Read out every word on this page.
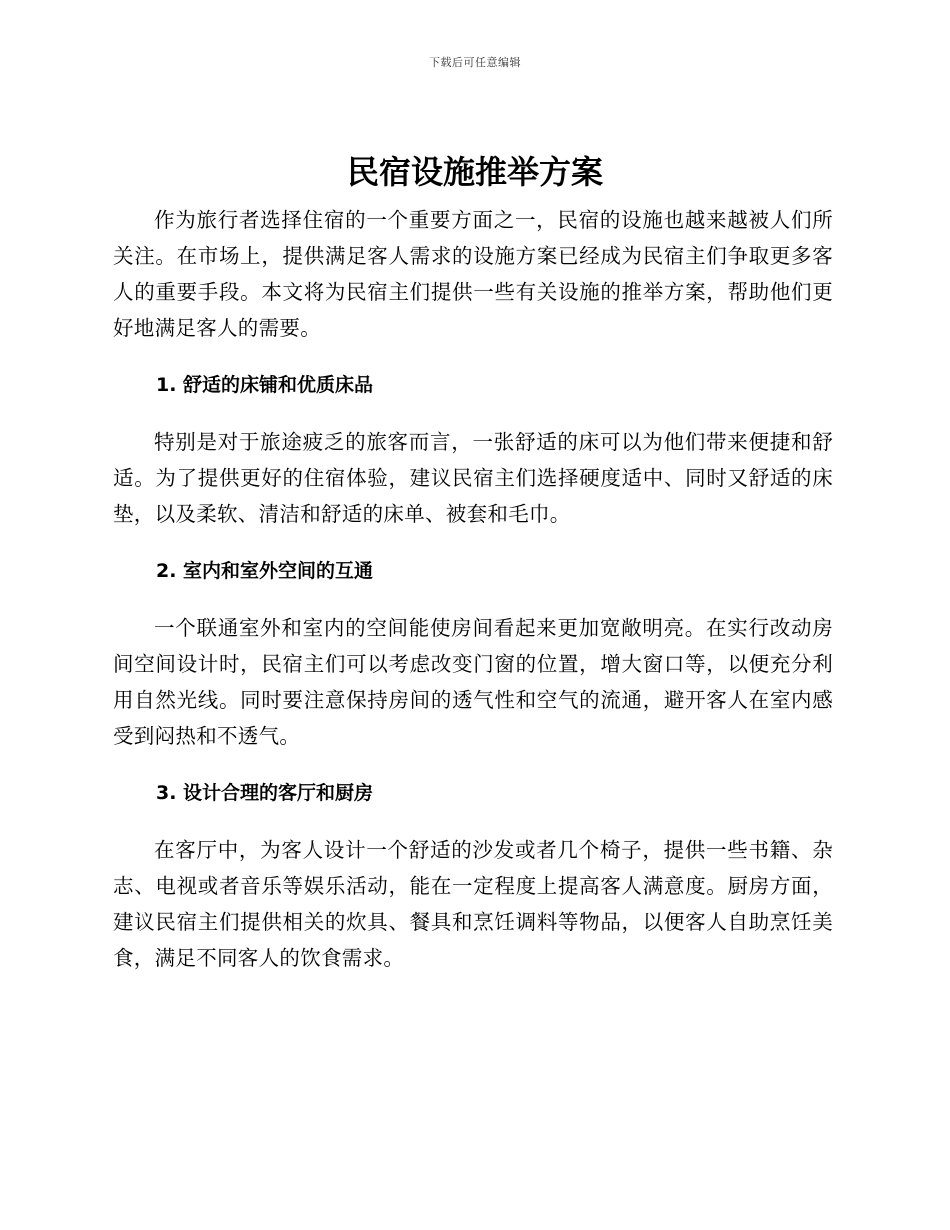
下载后可任意编辑
民宿设施推举方案

作为旅行者选择住宿的一个重要方面之一，民宿的设施也越来越被人们所关注。在市场上，提供满足客人需求的设施方案已经成为民宿主们争取更多客人的重要手段。本文将为民宿主们提供一些有关设施的推举方案，帮助他们更好地满足客人的需要。

1. 舒适的床铺和优质床品

特别是对于旅途疲乏的旅客而言，一张舒适的床可以为他们带来便捷和舒适。为了提供更好的住宿体验，建议民宿主们选择硬度适中、同时又舒适的床垫，以及柔软、清洁和舒适的床单、被套和毛巾。

2. 室内和室外空间的互通

一个联通室外和室内的空间能使房间看起来更加宽敞明亮。在实行改动房间空间设计时，民宿主们可以考虑改变门窗的位置，增大窗口等，以便充分利用自然光线。同时要注意保持房间的透气性和空气的流通，避开客人在室内感受到闷热和不透气。

3. 设计合理的客厅和厨房

在客厅中，为客人设计一个舒适的沙发或者几个椅子，提供一些书籍、杂志、电视或者音乐等娱乐活动，能在一定程度上提高客人满意度。厨房方面，建议民宿主们提供相关的炊具、餐具和烹饪调料等物品，以便客人自助烹饪美食，满足不同客人的饮食需求。
